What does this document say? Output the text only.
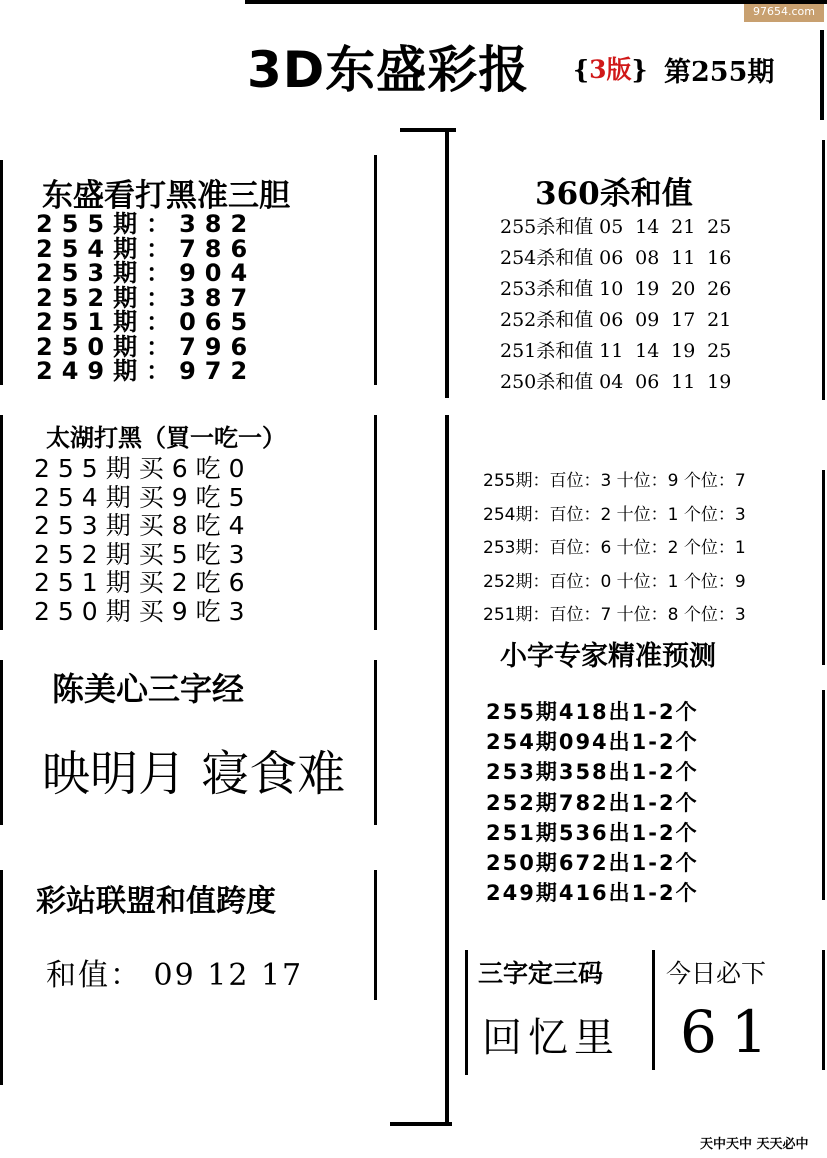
97654.com
3D东盛彩报 {3版} 第255期
东盛看打黑准三胆
255期：382
254期：786
253期：904
252期：387
251期：065
250期：796
249期：972
360杀和值
255杀和值 05 14 21 25
254杀和值 06 08 11 16
253杀和值 10 19 20 26
252杀和值 06 09 17 21
251杀和值 11 14 19 25
250杀和值 04 06 11 19
太湖打黑（買一吃一）
255期买6吃0
254期买9吃5
253期买8吃4
252期买5吃3
251期买2吃6
250期买9吃3
255期：百位：3 十位：9 个位：7
254期：百位：2 十位：1 个位：3
253期：百位：6 十位：2 个位：1
252期：百位：0 十位：1 个位：9
251期：百位：7 十位：8 个位：3
小字专家精准预测
255期418出1-2个
254期094出1-2个
253期358出1-2个
252期782出1-2个
251期536出1-2个
250期672出1-2个
249期416出1-2个
陈美心三字经
映明月 寝食难
彩站联盟和值跨度
和值： 09 12 17	三字定三码
回忆里
今日必下
61
天中天中 天天必中
